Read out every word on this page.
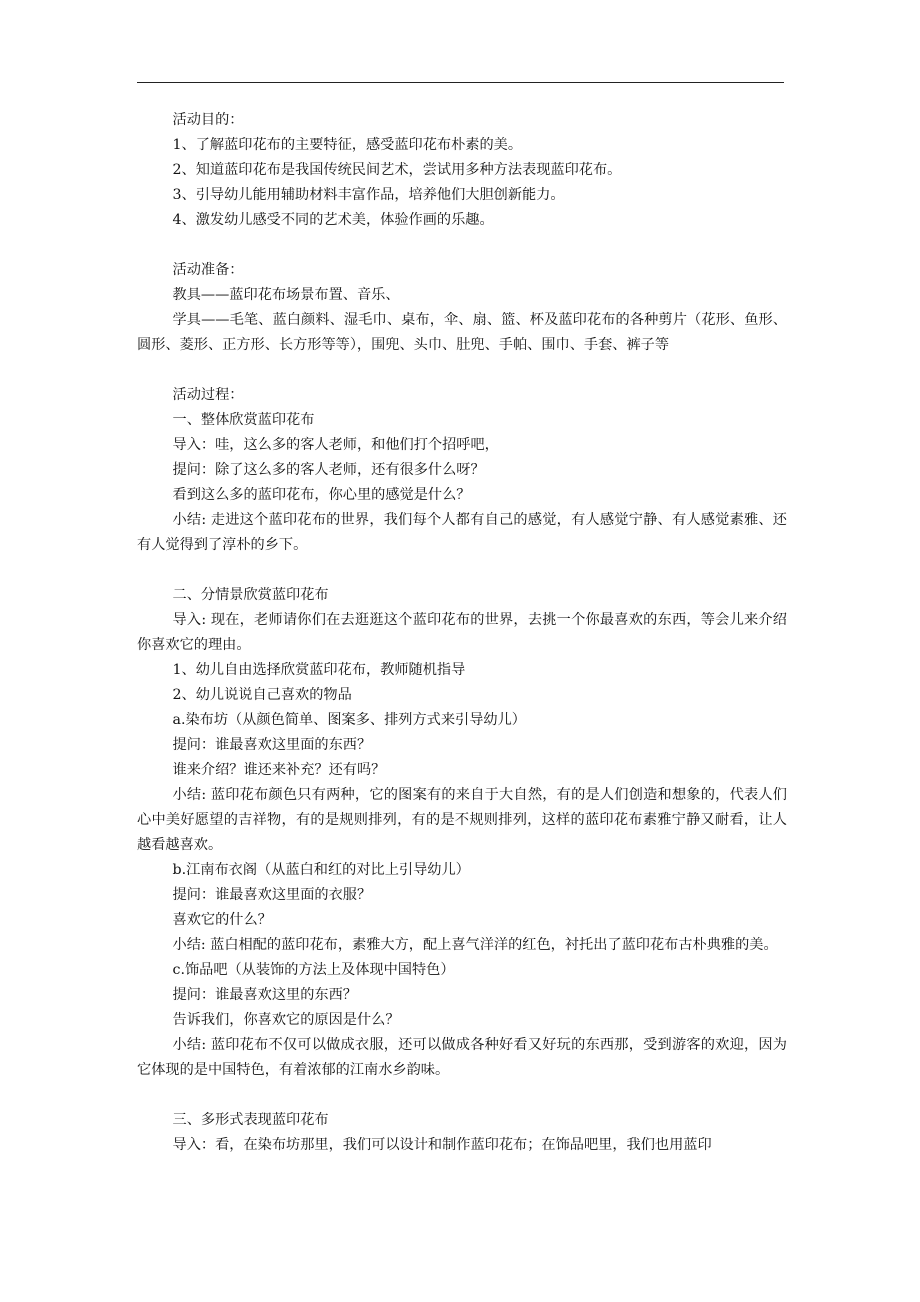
活动目的：

1、了解蓝印花布的主要特征，感受蓝印花布朴素的美。

2、知道蓝印花布是我国传统民间艺术，尝试用多种方法表现蓝印花布。

3、引导幼儿能用辅助材料丰富作品，培养他们大胆创新能力。

4、激发幼儿感受不同的艺术美，体验作画的乐趣。

活动准备：

教具——蓝印花布场景布置、音乐、

学具——毛笔、蓝白颜料、湿毛巾、桌布，伞、扇、篮、杯及蓝印花布的各种剪片（花形、鱼形、圆形、菱形、正方形、长方形等等），围兜、头巾、肚兜、手帕、围巾、手套、裤子等

活动过程：

一、整体欣赏蓝印花布

导入：哇，这么多的客人老师，和他们打个招呼吧，

提问：除了这么多的客人老师，还有很多什么呀？

看到这么多的蓝印花布，你心里的感觉是什么？

小结: 走进这个蓝印花布的世界，我们每个人都有自己的感觉，有人感觉宁静、有人感觉素雅、还有人觉得到了淳朴的乡下。

二、分情景欣赏蓝印花布

导入: 现在，老师请你们在去逛逛这个蓝印花布的世界，去挑一个你最喜欢的东西，等会儿来介绍你喜欢它的理由。

1、幼儿自由选择欣赏蓝印花布，教师随机指导

2、幼儿说说自己喜欢的物品

a.染布坊（从颜色简单、图案多、排列方式来引导幼儿）

提问：谁最喜欢这里面的东西？

谁来介绍？谁还来补充？还有吗？

小结: 蓝印花布颜色只有两种，它的图案有的来自于大自然，有的是人们创造和想象的，代表人们心中美好愿望的吉祥物，有的是规则排列，有的是不规则排列，这样的蓝印花布素雅宁静又耐看，让人越看越喜欢。

b.江南布衣阁（从蓝白和红的对比上引导幼儿）

提问：谁最喜欢这里面的衣服？

喜欢它的什么？

小结: 蓝白相配的蓝印花布，素雅大方，配上喜气洋洋的红色，衬托出了蓝印花布古朴典雅的美。

c.饰品吧（从装饰的方法上及体现中国特色）

提问：谁最喜欢这里的东西？

告诉我们，你喜欢它的原因是什么？

小结: 蓝印花布不仅可以做成衣服，还可以做成各种好看又好玩的东西那，受到游客的欢迎，因为它体现的是中国特色，有着浓郁的江南水乡韵味。

三、多形式表现蓝印花布

导入：看，在染布坊那里，我们可以设计和制作蓝印花布；在饰品吧里，我们也用蓝印
